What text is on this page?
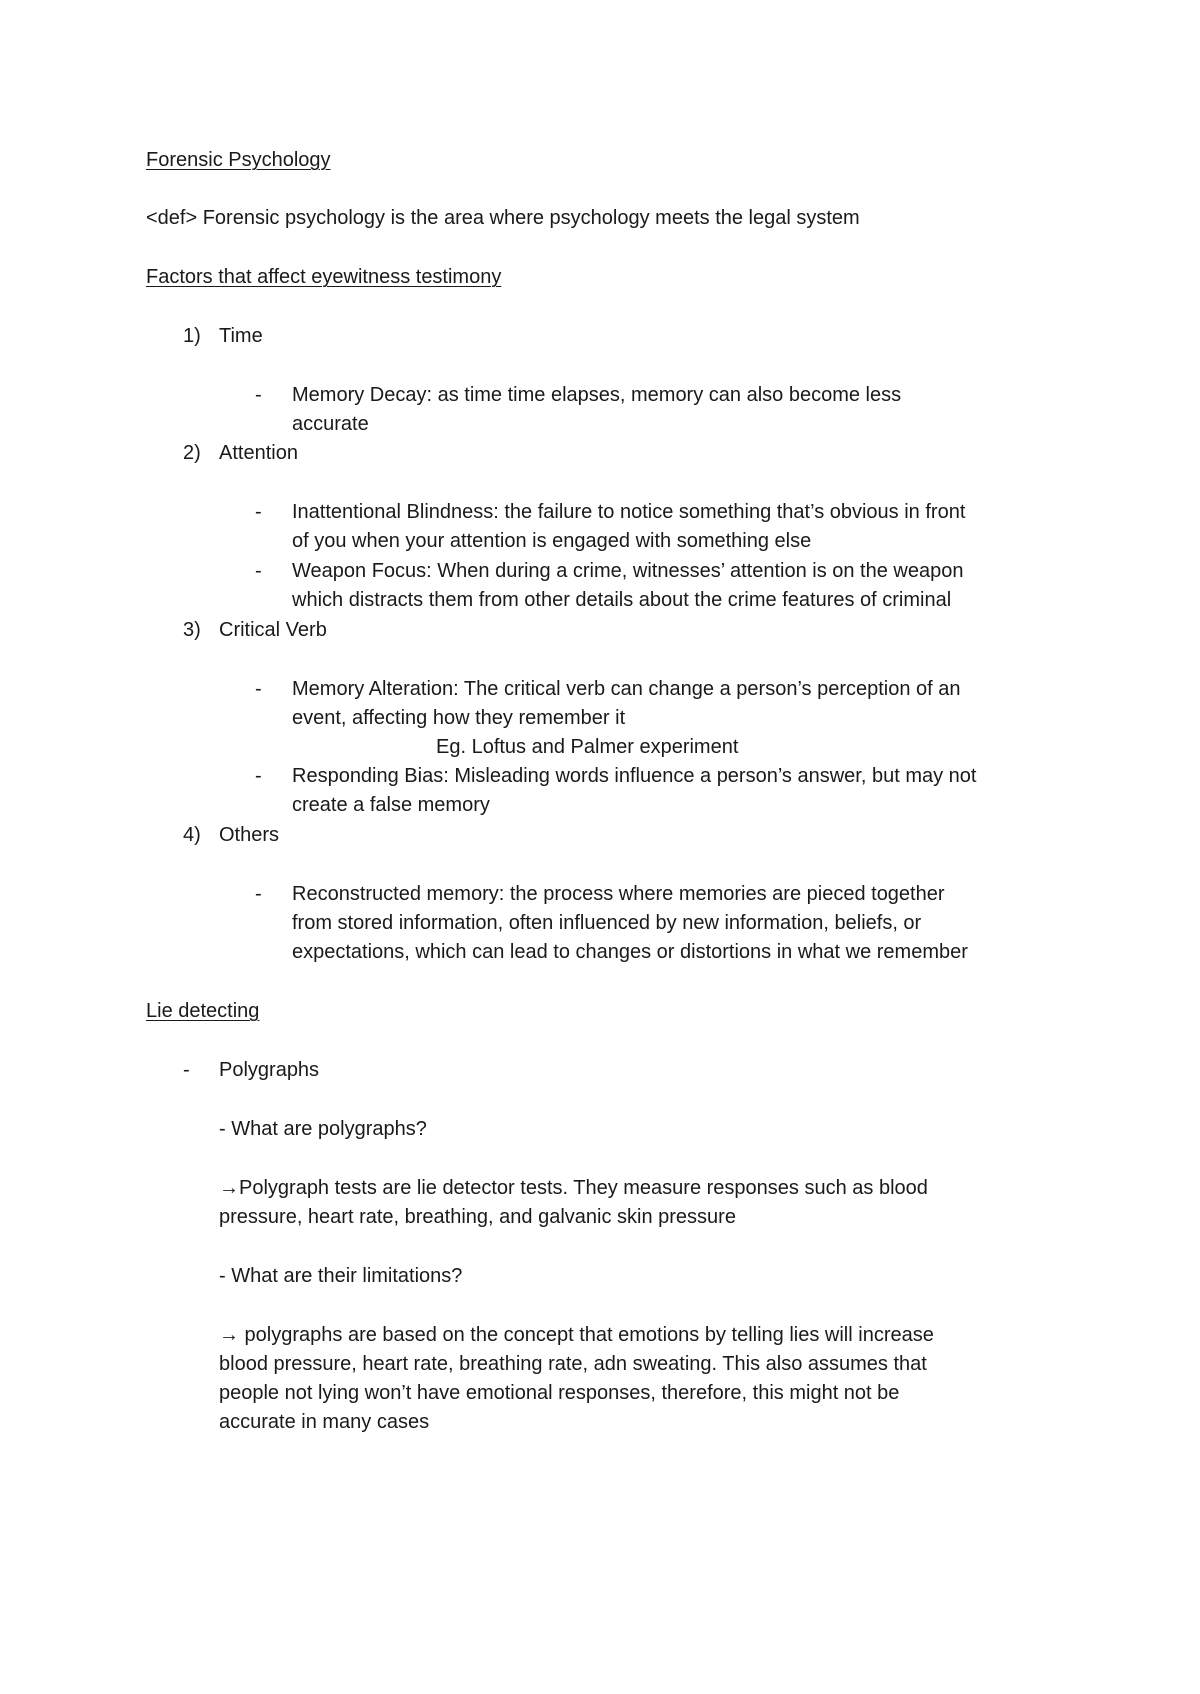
Forensic Psychology
<def> Forensic psychology is the area where psychology meets the legal system
Factors that affect eyewitness testimony
1) Time
- Memory Decay: as time time elapses, memory can also become less
accurate
2) Attention
- Inattentional Blindness: the failure to notice something that’s obvious in front
of you when your attention is engaged with something else
- Weapon Focus: When during a crime, witnesses’ attention is on the weapon
which distracts them from other details about the crime features of criminal
3) Critical Verb
- Memory Alteration: The critical verb can change a person’s perception of an
event, affecting how they remember it
Eg. Loftus and Palmer experiment
- Responding Bias: Misleading words influence a person’s answer, but may not
create a false memory
4) Others
- Reconstructed memory: the process where memories are pieced together
from stored information, often influenced by new information, beliefs, or
expectations, which can lead to changes or distortions in what we remember
Lie detecting
- Polygraphs
- What are polygraphs?
→Polygraph tests are lie detector tests. They measure responses such as blood
pressure, heart rate, breathing, and galvanic skin pressure
- What are their limitations?
→ polygraphs are based on the concept that emotions by telling lies will increase
blood pressure, heart rate, breathing rate, adn sweating. This also assumes that
people not lying won’t have emotional responses, therefore, this might not be
accurate in many cases
